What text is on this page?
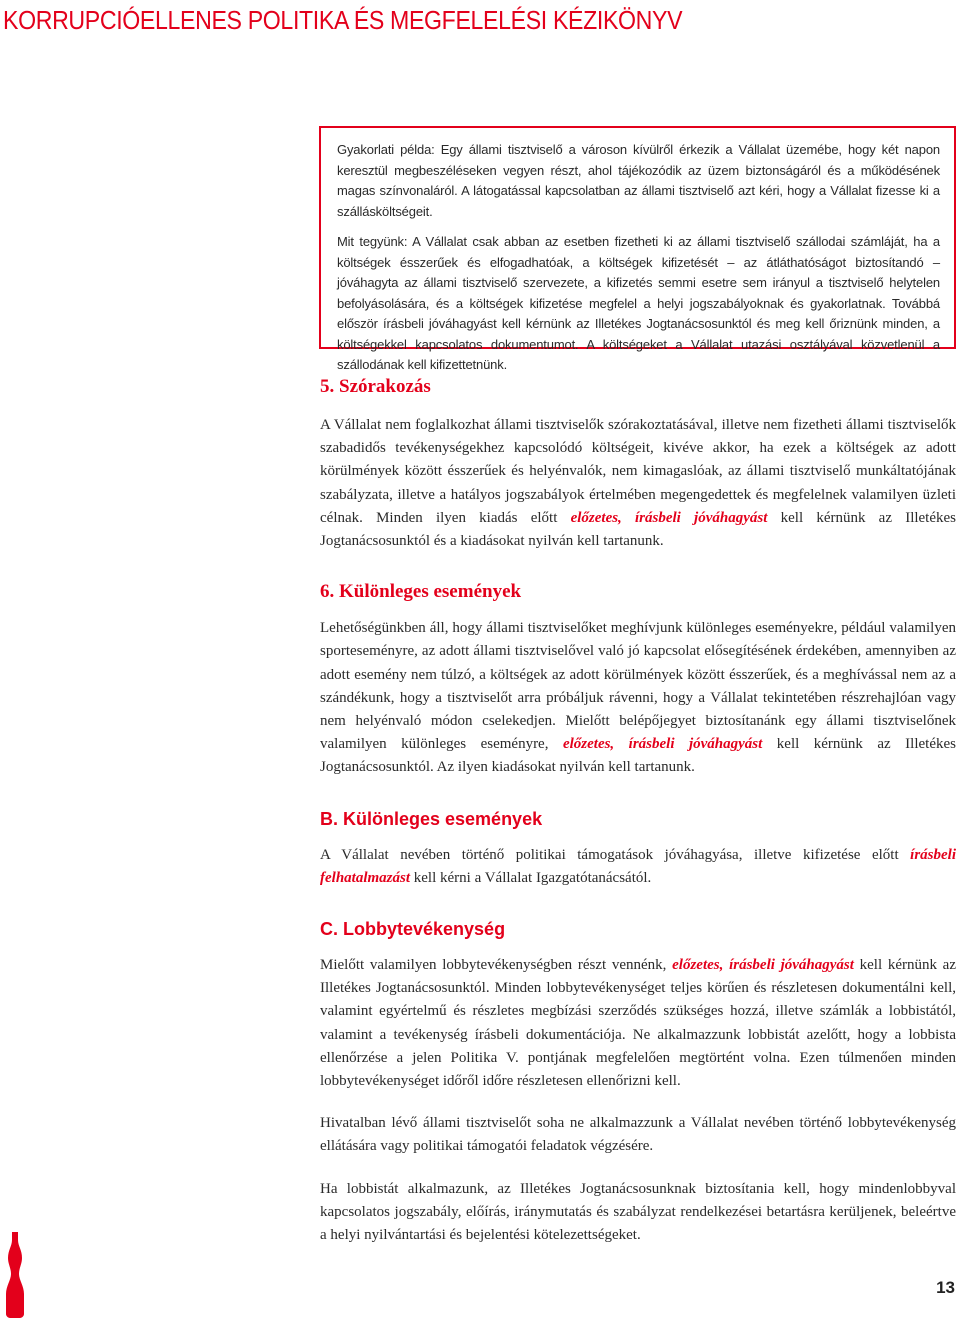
KORRUPCIÓELLENES POLITIKA ÉS MEGFELELÉSI KÉZIKÖNYV

Gyakorlati példa: Egy állami tisztviselő a városon kívülről érkezik a Vállalat üzemébe, hogy két napon keresztül megbeszéléseken vegyen részt, ahol tájékozódik az üzem biztonságáról és a működésének magas színvonaláról. A látogatással kapcsolatban az állami tisztviselő azt kéri, hogy a Vállalat fizesse ki a szállásköltségeit.

Mit tegyünk: A Vállalat csak abban az esetben fizetheti ki az állami tisztviselő szállodai számláját, ha a költségek ésszerűek és elfogadhatóak, a költségek kifizetését – az átláthatóságot biztosítandó – jóváhagyta az állami tisztviselő szervezete, a kifizetés semmi esetre sem irányul a tisztviselő helytelen befolyásolására, és a költségek kifizetése megfelel a helyi jogszabályoknak és gyakorlatnak. Továbbá először írásbeli jóváhagyást kell kérnünk az Illetékes Jogtanácsosunktól és meg kell őriznünk minden, a költségekkel kapcsolatos dokumentumot. A költségeket a Vállalat utazási osztályával közvetlenül a szállodának kell kifizettetnünk.

5. Szórakozás

A Vállalat nem foglalkozhat állami tisztviselők szórakoztatásával, illetve nem fizetheti állami tisztviselők szabadidős tevékenységekhez kapcsolódó költségeit, kivéve akkor, ha ezek a költségek az adott körülmények között ésszerűek és helyénvalók, nem kimagaslóak, az állami tisztviselő munkáltatójának szabályzata, illetve a hatályos jogszabályok értelmében megengedettek és megfelelnek valamilyen üzleti célnak. Minden ilyen kiadás előtt előzetes, írásbeli jóváhagyást kell kérnünk az Illetékes Jogtanácsosunktól és a kiadásokat nyilván kell tartanunk.

6. Különleges események

Lehetőségünkben áll, hogy állami tisztviselőket meghívjunk különleges eseményekre, például valamilyen sporteseményre, az adott állami tisztviselővel való jó kapcsolat elősegítésének érdekében, amennyiben az adott esemény nem túlzó, a költségek az adott körülmények között ésszerűek, és a meghívással nem az a szándékunk, hogy a tisztviselőt arra próbáljuk rávenni, hogy a Vállalat tekintetében részrehajlóan vagy nem helyénvaló módon cselekedjen. Mielőtt belépőjegyet biztosítanánk egy állami tisztviselőnek valamilyen különleges eseményre, előzetes, írásbeli jóváhagyást kell kérnünk az Illetékes Jogtanácsosunktól. Az ilyen kiadásokat nyilván kell tartanunk.

B. Különleges események

A Vállalat nevében történő politikai támogatások jóváhagyása, illetve kifizetése előtt írásbeli felhatalmazást kell kérni a Vállalat Igazgatótanácsától.

C. Lobbytevékenység

Mielőtt valamilyen lobbytevékenységben részt vennénk, előzetes, írásbeli jóváhagyást kell kérnünk az Illetékes Jogtanácsosunktól. Minden lobbytevékenységet teljes körűen és részletesen dokumentálni kell, valamint egyértelmű és részletes megbízási szerződés szükséges hozzá, illetve számlák a lobbistától, valamint a tevékenység írásbeli dokumentációja. Ne alkalmazzunk lobbistát azelőtt, hogy a lobbista ellenőrzése a jelen Politika V. pontjának megfelelően megtörtént volna. Ezen túlmenően minden lobbytevékenységet időről időre részletesen ellenőrizni kell.

Hivatalban lévő állami tisztviselőt soha ne alkalmazzunk a Vállalat nevében történő lobbytevékenység ellátására vagy politikai támogatói feladatok végzésére.

Ha lobbistát alkalmazunk, az Illetékes Jogtanácsosunknak biztosítania kell, hogy mindenlobbyval kapcsolatos jogszabály, előírás, iránymutatás és szabályzat rendelkezései betartásra kerüljenek, beleértve a helyi nyilvántartási és bejelentési kötelezettségeket.

13
